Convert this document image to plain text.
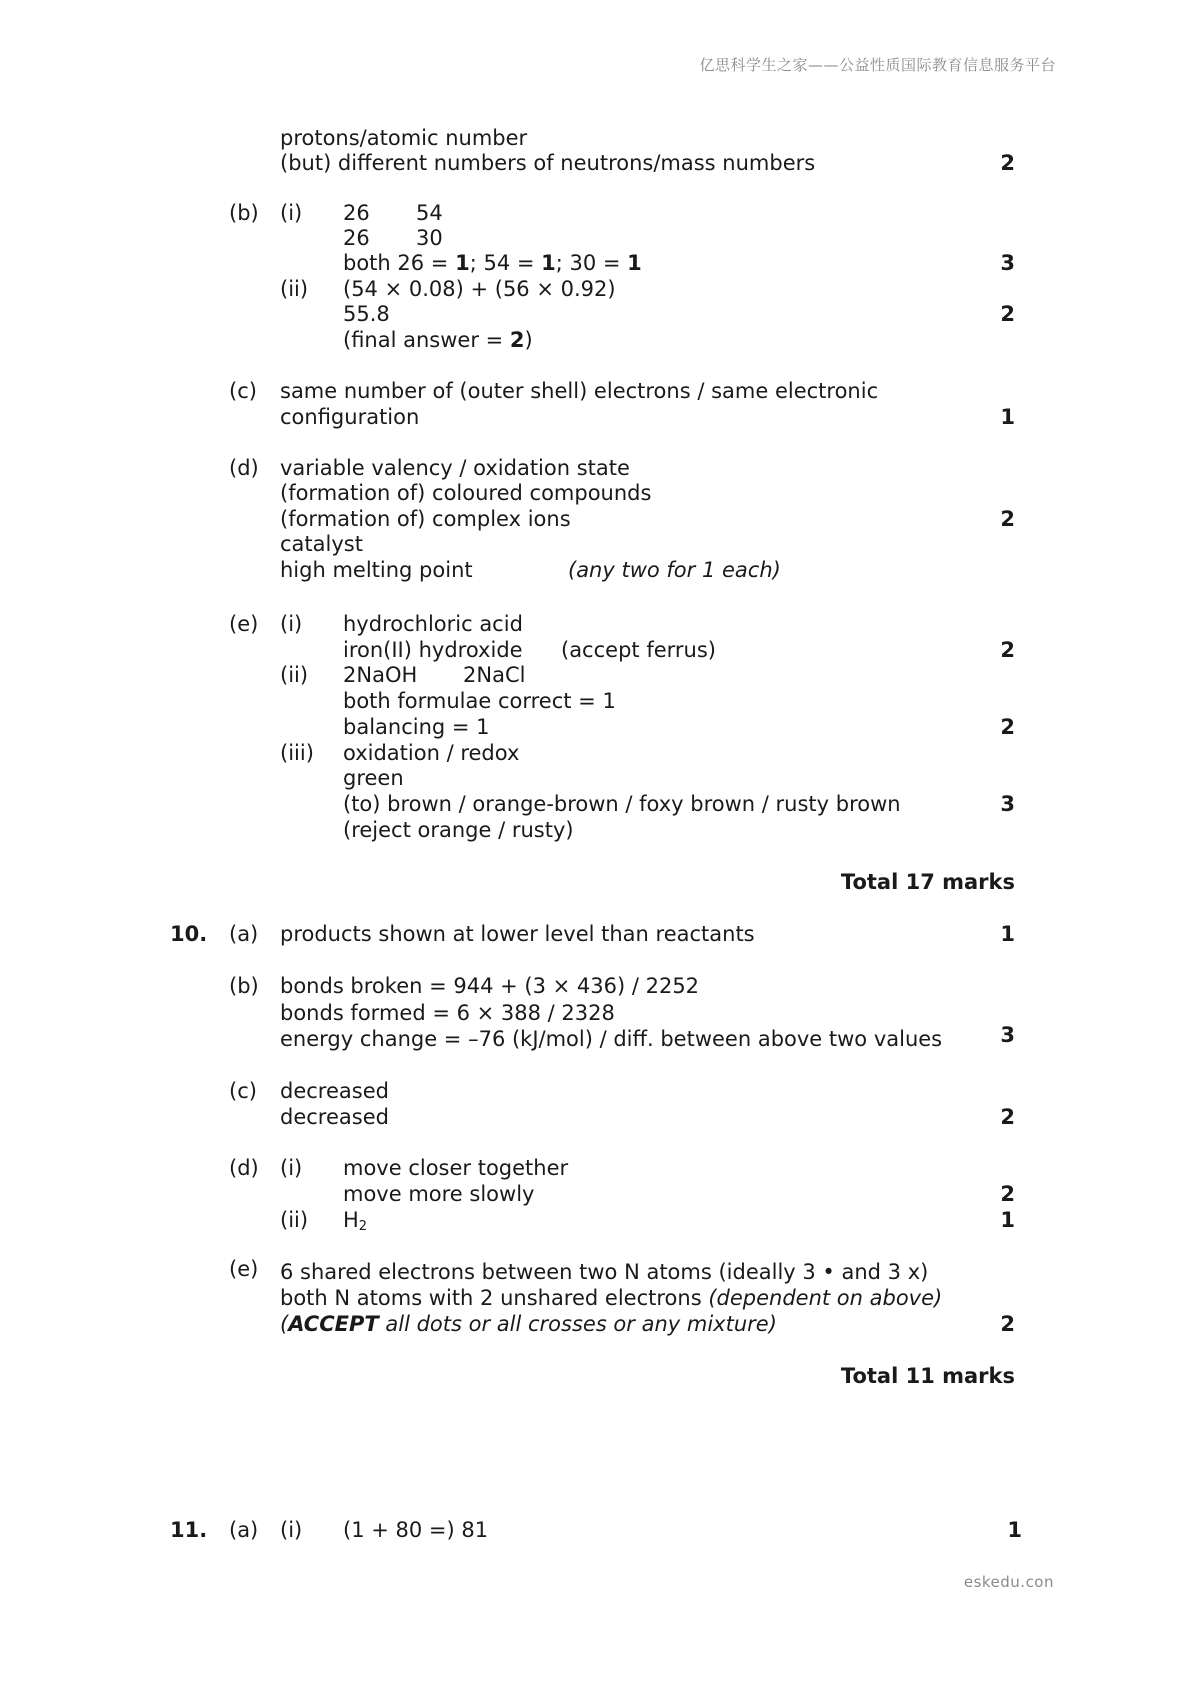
亿思科学生之家——公益性质国际教育信息服务平台
protons/atomic number
(but) different numbers of neutrons/mass numbers	2
(b) (i) 26 54
26 30
both 26 = 1; 54 = 1; 30 = 1	3
(ii) (54 × 0.08) + (56 × 0.92)
55.8	2
(final answer = 2)
(c) same number of (outer shell) electrons / same electronic
configuration	1
(d) variable valency / oxidation state
(formation of) coloured compounds
(formation of) complex ions	2
catalyst
high melting point	(any two for 1 each)
(e) (i) hydrochloric acid
iron(II) hydroxide (accept ferrus)	2
(ii) 2NaOH 2NaCl
both formulae correct = 1
balancing = 1	2
(iii) oxidation / redox
green
(to) brown / orange-brown / foxy brown / rusty brown	3
(reject orange / rusty)
Total 17 marks
10. (a) products shown at lower level than reactants	1
(b) bonds broken = 944 + (3 × 436) / 2252
bonds formed = 6 × 388 / 2328
energy change = –76 (kJ/mol) / diff. between above two values	3
(c) decreased
decreased	2
(d) (i) move closer together
move more slowly	2
(ii) $H_2$	1
(e) 6 shared electrons between two N atoms (ideally 3 • and 3 x)
both N atoms with 2 unshared electrons (dependent on above)
(ACCEPT all dots or all crosses or any mixture)	2
Total 11 marks
11. (a) (i) (1 + 80 =) 81	1
eskedu.con
